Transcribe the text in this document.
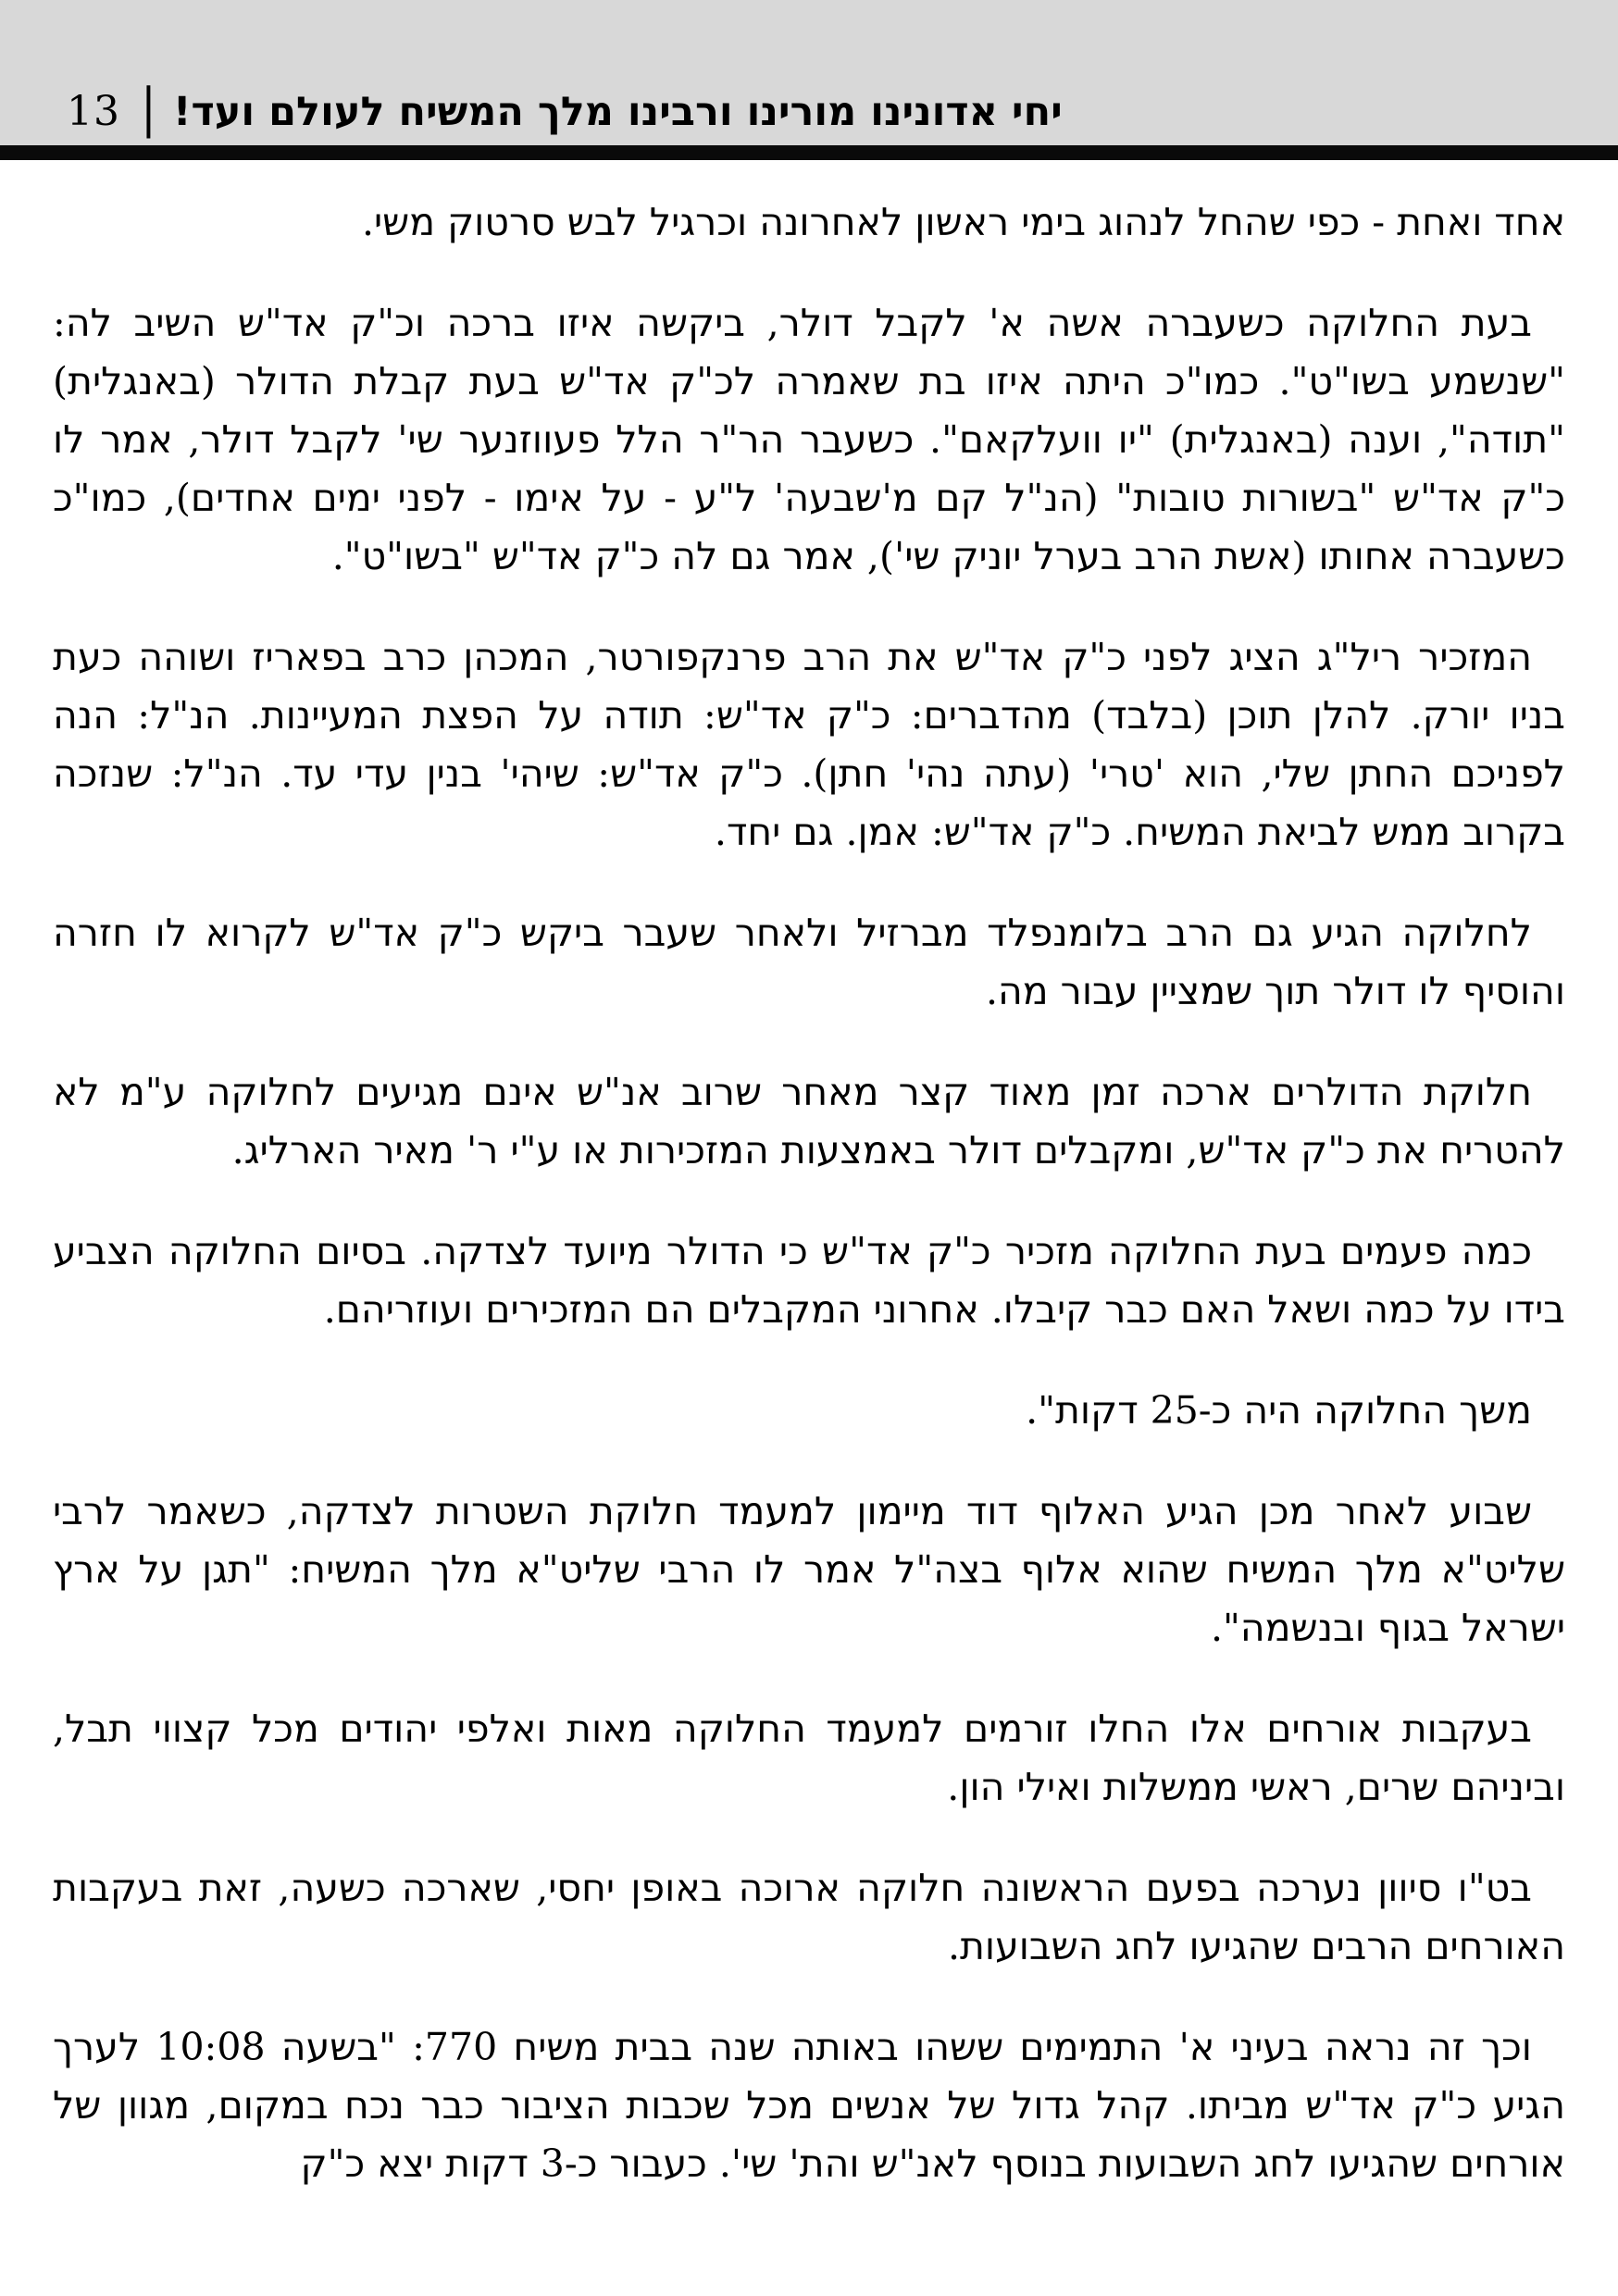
13 | יחי אדונינו מורינו ורבינו מלך המשיח לעולם ועד!

אחד ואחת - כפי שהחל לנהוג בימי ראשון לאחרונה וכרגיל לבש סרטוק משי.

בעת החלוקה כשעברה אשה א' לקבל דולר, ביקשה איזו ברכה וכ"ק אד"ש השיב לה: "שנשמע בשו"ט". כמו"כ היתה איזו בת שאמרה לכ"ק אד"ש בעת קבלת הדולר (באנגלית) "תודה", וענה (באנגלית) "יו וועלקאם". כשעבר הר"ר הלל פעווזנער שי' לקבל דולר, אמר לו כ"ק אד"ש "בשורות טובות" (הנ"ל קם מ'שבעה' ל"ע - על אימו - לפני ימים אחדים), כמו"כ כשעברה אחותו (אשת הרב בערל יוניק שי'), אמר גם לה כ"ק אד"ש "בשו"ט".

המזכיר ריל"ג הציג לפני כ"ק אד"ש את הרב פרנקפורטר, המכהן כרב בפאריז ושוהה כעת בניו יורק. להלן תוכן (בלבד) מהדברים: כ"ק אד"ש: תודה על הפצת המעיינות. הנ"ל: הנה לפניכם החתן שלי, הוא 'טרי' (עתה נהי' חתן). כ"ק אד"ש: שיהי' בנין עדי עד. הנ"ל: שנזכה בקרוב ממש לביאת המשיח. כ"ק אד"ש: אמן. גם יחד.

לחלוקה הגיע גם הרב בלומנפלד מברזיל ולאחר שעבר ביקש כ"ק אד"ש לקרוא לו חזרה והוסיף לו דולר תוך שמציין עבור מה.

חלוקת הדולרים ארכה זמן מאוד קצר מאחר שרוב אנ"ש אינם מגיעים לחלוקה ע"מ לא להטריח את כ"ק אד"ש, ומקבלים דולר באמצעות המזכירות או ע"י ר' מאיר הארליג.

כמה פעמים בעת החלוקה מזכיר כ"ק אד"ש כי הדולר מיועד לצדקה. בסיום החלוקה הצביע בידו על כמה ושאל האם כבר קיבלו. אחרוני המקבלים הם המזכירים ועוזריהם.

משך החלוקה היה כ-25 דקות".

שבוע לאחר מכן הגיע האלוף דוד מיימון למעמד חלוקת השטרות לצדקה, כשאמר לרבי שליט"א מלך המשיח שהוא אלוף בצה"ל אמר לו הרבי שליט"א מלך המשיח: "תגן על ארץ ישראל בגוף ובנשמה".

בעקבות אורחים אלו החלו זורמים למעמד החלוקה מאות ואלפי יהודים מכל קצווי תבל, וביניהם שרים, ראשי ממשלות ואילי הון.

בט"ו סיוון נערכה בפעם הראשונה חלוקה ארוכה באופן יחסי, שארכה כשעה, זאת בעקבות האורחים הרבים שהגיעו לחג השבועות.

וכך זה נראה בעיני א' התמימים ששהו באותה שנה בבית משיח 770: "בשעה 10:08 לערך הגיע כ"ק אד"ש מביתו. קהל גדול של אנשים מכל שכבות הציבור כבר נכח במקום, מגוון של אורחים שהגיעו לחג השבועות בנוסף לאנ"ש והת' שי'. כעבור כ-3 דקות יצא כ"ק
